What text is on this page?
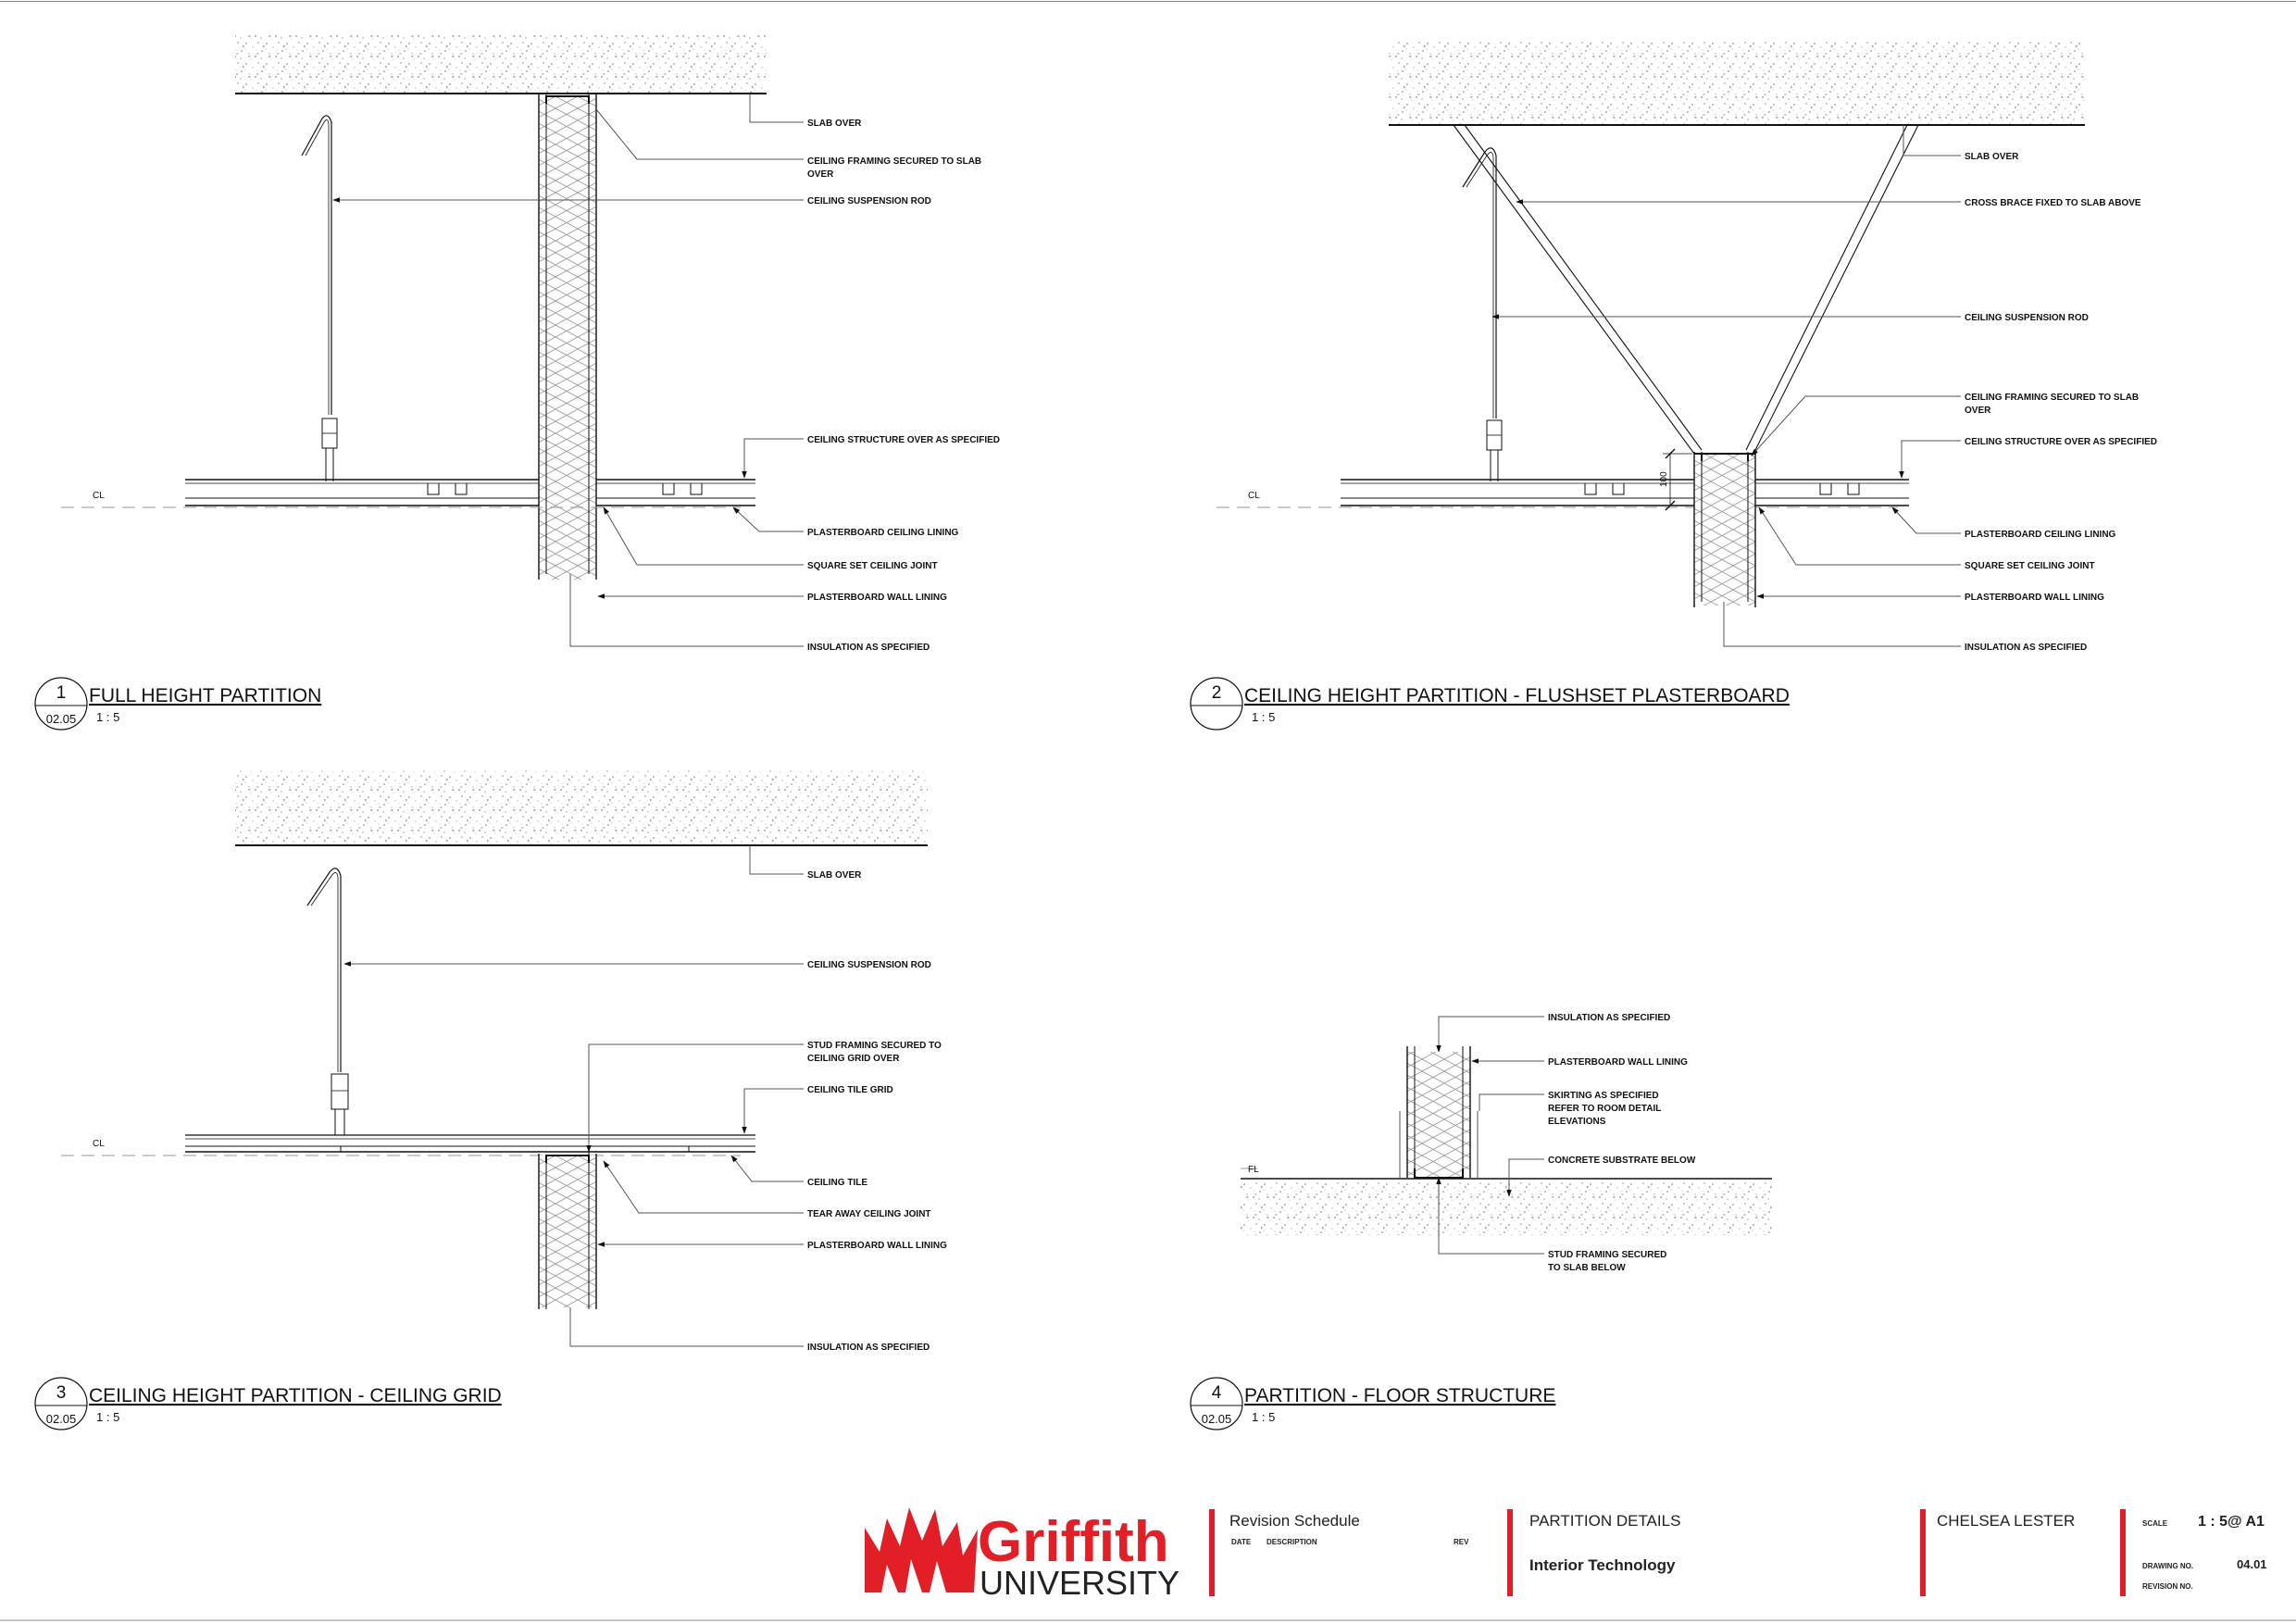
CL
SLAB OVER
CEILING FRAMING SECURED TO SLAB
OVER
CEILING SUSPENSION ROD
CEILING STRUCTURE OVER AS SPECIFIED
PLASTERBOARD CEILING LINING
SQUARE SET CEILING JOINT
PLASTERBOARD WALL LINING
INSULATION AS SPECIFIED
1
02.05
FULL HEIGHT PARTITION
1 : 5
CL
100
SLAB OVER
CROSS BRACE FIXED TO SLAB ABOVE
CEILING SUSPENSION ROD
CEILING FRAMING SECURED TO SLAB
OVER
CEILING STRUCTURE OVER AS SPECIFIED
PLASTERBOARD CEILING LINING
SQUARE SET CEILING JOINT
PLASTERBOARD WALL LINING
INSULATION AS SPECIFIED
2 CEILING HEIGHT PARTITION - FLUSHSET PLASTERBOARD
1 : 5
CL
SLAB OVER
CEILING SUSPENSION ROD
STUD FRAMING SECURED TO
CEILING GRID OVER
CEILING TILE GRID
CEILING TILE
TEAR AWAY CEILING JOINT
PLASTERBOARD WALL LINING
INSULATION AS SPECIFIED
3
02.05
CEILING HEIGHT PARTITION - CEILING GRID
1 : 5
FL
INSULATION AS SPECIFIED
PLASTERBOARD WALL LINING
SKIRTING AS SPECIFIED
REFER TO ROOM DETAIL
ELEVATIONS
CONCRETE SUBSTRATE BELOW
STUD FRAMING SECURED
TO SLAB BELOW
4
02.05
PARTITION - FLOOR STRUCTURE
1 : 5
Griffith
UNIVERSITY
Revision Schedule
DATE DESCRIPTION	REV
PARTITION DETAILS
Interior Technology
CHELSEA LESTER	SCALE 1 : 5@ A1
DRAWING NO.	04.01
REVISION NO.
